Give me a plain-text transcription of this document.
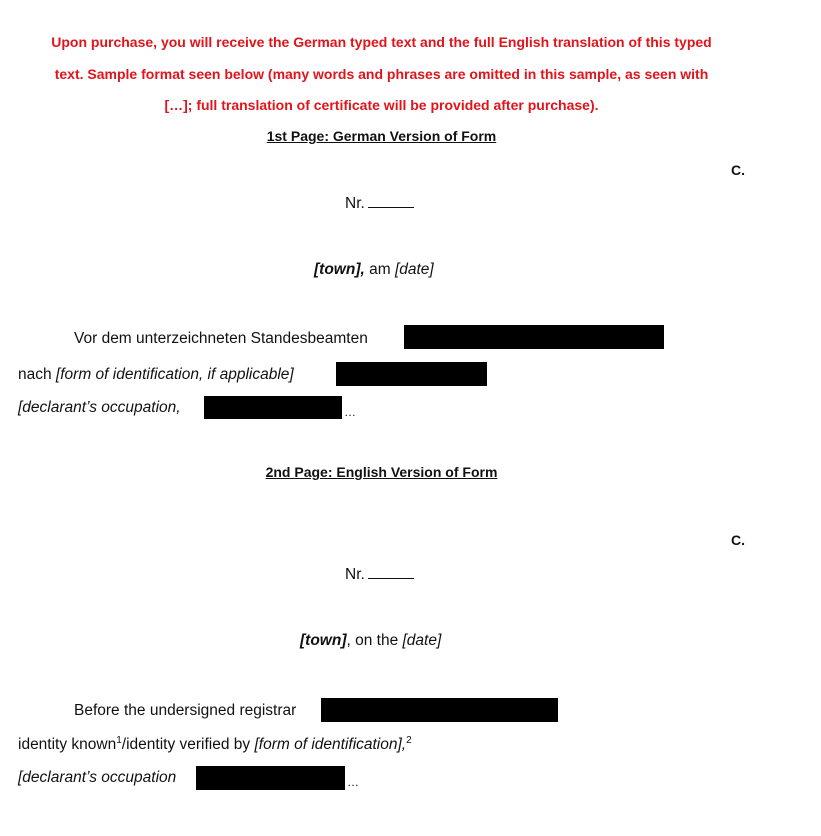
Upon purchase, you will receive the German typed text and the full English translation of this typed
text. Sample format seen below (many words and phrases are omitted in this sample, as seen with
[…]; full translation of certificate will be provided after purchase).
1st Page: German Version of Form
C.
Nr.
[town], am [date]
Vor dem unterzeichneten Standesbeamten
nach [form of identification, if applicable]
[declarant’s occupation,	…
2nd Page: English Version of Form
C.
Nr.
[town], on the [date]
Before the undersigned registrar
identity known$^1$/identity verified by [form of identification],$^2$
[declarant’s occupation	…
